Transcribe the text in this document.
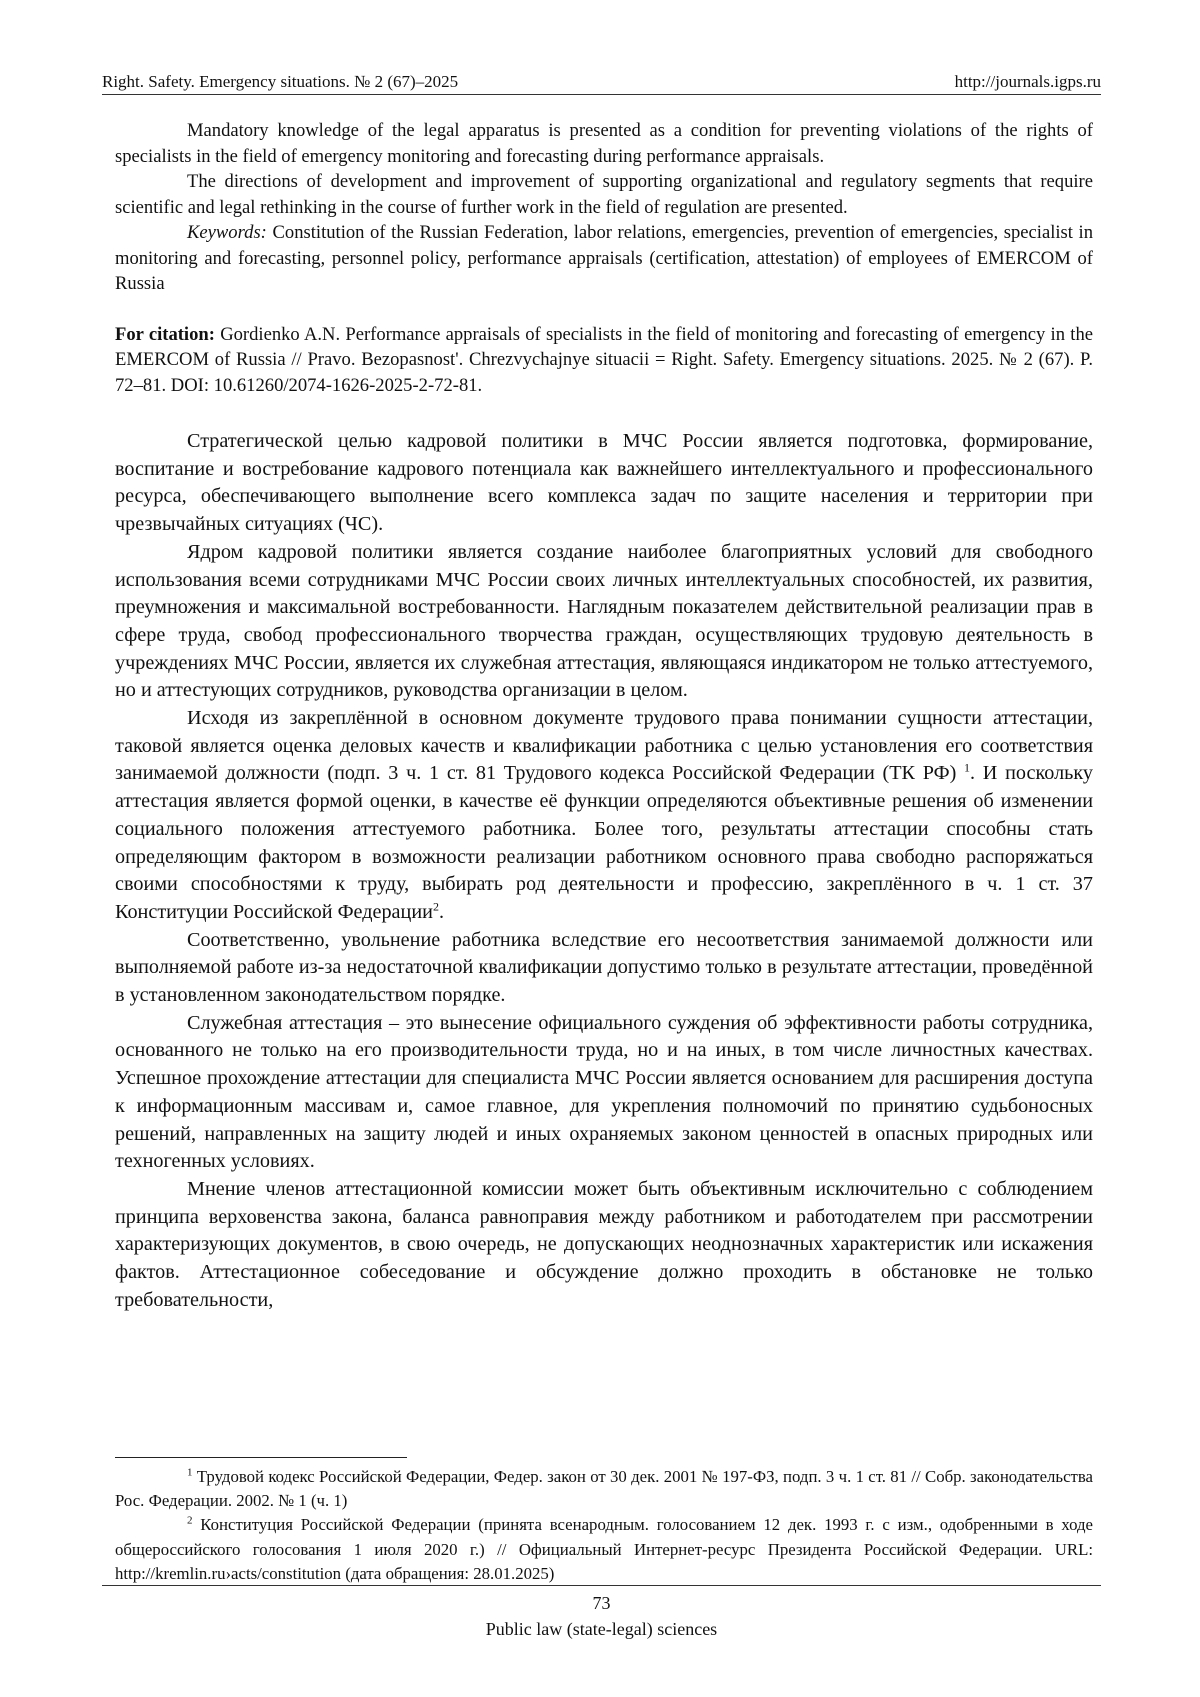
Right. Safety. Emergency situations. № 2 (67)–2025	http://journals.igps.ru

Mandatory knowledge of the legal apparatus is presented as a condition for preventing violations of the rights of specialists in the field of emergency monitoring and forecasting during performance appraisals.

The directions of development and improvement of supporting organizational and regulatory segments that require scientific and legal rethinking in the course of further work in the field of regulation are presented.

Keywords: Constitution of the Russian Federation, labor relations, emergencies, prevention of emergencies, specialist in monitoring and forecasting, personnel policy, performance appraisals (certification, attestation) of employees of EMERCOM of Russia

For citation: Gordienko A.N. Performance appraisals of specialists in the field of monitoring and forecasting of emergency in the EMERCOM of Russia // Pravo. Bezopasnost'. Chrezvychajnye situacii = Right. Safety. Emergency situations. 2025. № 2 (67). P. 72–81. DOI: 10.61260/2074-1626-2025-2-72-81.

Стратегической целью кадровой политики в МЧС России является подготовка, формирование, воспитание и востребование кадрового потенциала как важнейшего интеллектуального и профессионального ресурса, обеспечивающего выполнение всего комплекса задач по защите населения и территории при чрезвычайных ситуациях (ЧС).

Ядром кадровой политики является создание наиболее благоприятных условий для свободного использования всеми сотрудниками МЧС России своих личных интеллектуальных способностей, их развития, преумножения и максимальной востребованности. Наглядным показателем действительной реализации прав в сфере труда, свобод профессионального творчества граждан, осуществляющих трудовую деятельность в учреждениях МЧС России, является их служебная аттестация, являющаяся индикатором не только аттестуемого, но и аттестующих сотрудников, руководства организации в целом.

Исходя из закреплённой в основном документе трудового права понимании сущности аттестации, таковой является оценка деловых качеств и квалификации работника с целью установления его соответствия занимаемой должности (подп. 3 ч. 1 ст. 81 Трудового кодекса Российской Федерации (ТК РФ) $^1$. И поскольку аттестация является формой оценки, в качестве её функции определяются объективные решения об изменении социального положения аттестуемого работника. Более того, результаты аттестации способны стать определяющим фактором в возможности реализации работником основного права свободно распоряжаться своими способностями к труду, выбирать род деятельности и профессию, закреплённого в ч. 1 ст. 37 Конституции Российской Федерации$^2$.

Соответственно, увольнение работника вследствие его несоответствия занимаемой должности или выполняемой работе из-за недостаточной квалификации допустимо только в результате аттестации, проведённой в установленном законодательством порядке.

Служебная аттестация – это вынесение официального суждения об эффективности работы сотрудника, основанного не только на его производительности труда, но и на иных, в том числе личностных качествах. Успешное прохождение аттестации для специалиста МЧС России является основанием для расширения доступа к информационным массивам и, самое главное, для укрепления полномочий по принятию судьбоносных решений, направленных на защиту людей и иных охраняемых законом ценностей в опасных природных или техногенных условиях.

Мнение членов аттестационной комиссии может быть объективным исключительно с соблюдением принципа верховенства закона, баланса равноправия между работником и работодателем при рассмотрении характеризующих документов, в свою очередь, не допускающих неоднозначных характеристик или искажения фактов. Аттестационное собеседование и обсуждение должно проходить в обстановке не только требовательности,

$^1$ Трудовой кодекс Российской Федерации, Федер. закон от 30 дек. 2001 № 197-ФЗ, подп. 3 ч. 1 ст. 81 // Собр. законодательства Рос. Федерации. 2002. № 1 (ч. 1)

$^2$ Конституция Российской Федерации (принята всенародным. голосованием 12 дек. 1993 г. с изм., одобренными в ходе общероссийского голосования 1 июля 2020 г.) // Официальный Интернет-ресурс Президента Российской Федерации. URL: http://kremlin.ru›acts/constitution (дата обращения: 28.01.2025)

73
Public law (state-legal) sciences
